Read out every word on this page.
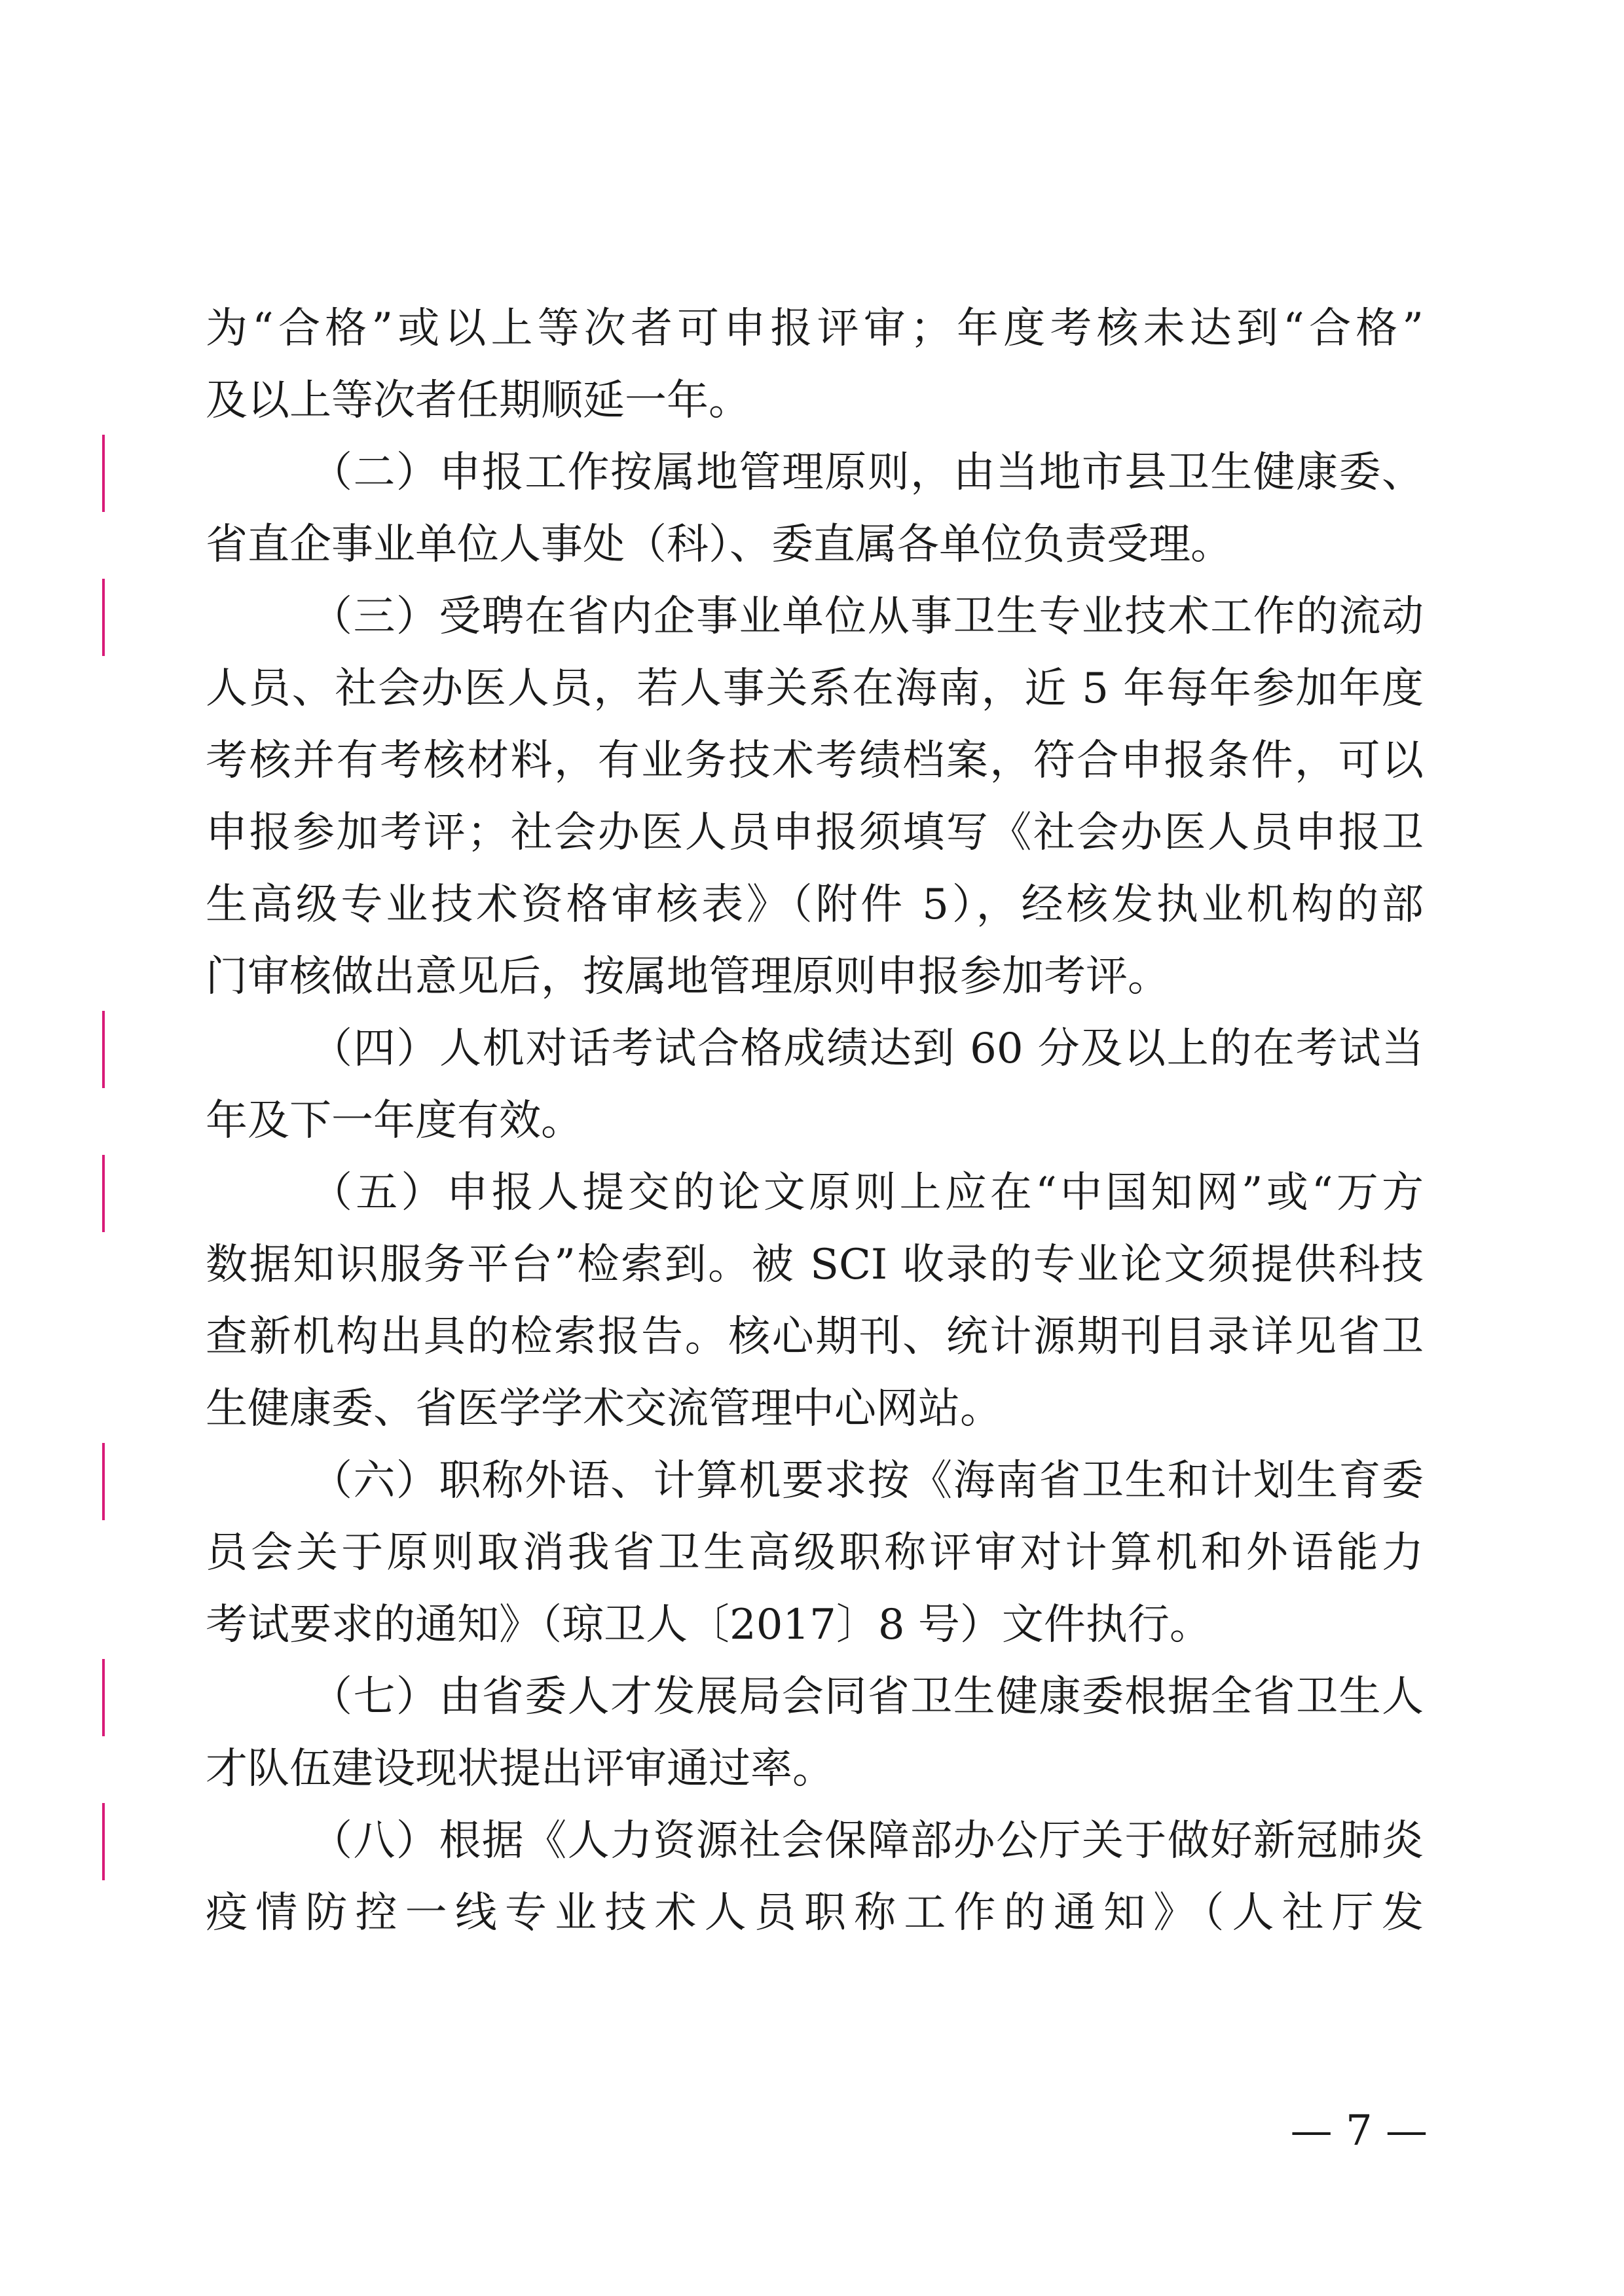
为“合格”或以上等次者可申报评审；年度考核未达到“合格”
及以上等次者任期顺延一年。
（二）申报工作按属地管理原则，由当地市县卫生健康委、
省直企事业单位人事处（科）、委直属各单位负责受理。
（三）受聘在省内企事业单位从事卫生专业技术工作的流动
人员、社会办医人员，若人事关系在海南，近 5 年每年参加年度
考核并有考核材料，有业务技术考绩档案，符合申报条件，可以
申报参加考评；社会办医人员申报须填写《社会办医人员申报卫
生高级专业技术资格审核表》（附件 5），经核发执业机构的部
门审核做出意见后，按属地管理原则申报参加考评。
（四）人机对话考试合格成绩达到 60 分及以上的在考试当
年及下一年度有效。
（五）申报人提交的论文原则上应在“中国知网”或“万方
数据知识服务平台”检索到。被 SCI 收录的专业论文须提供科技
查新机构出具的检索报告。核心期刊、统计源期刊目录详见省卫
生健康委、省医学学术交流管理中心网站。
（六）职称外语、计算机要求按《海南省卫生和计划生育委
员会关于原则取消我省卫生高级职称评审对计算机和外语能力
考试要求的通知》（琼卫人〔2017〕8 号）文件执行。
（七）由省委人才发展局会同省卫生健康委根据全省卫生人
才队伍建设现状提出评审通过率。
（八）根据《人力资源社会保障部办公厅关于做好新冠肺炎
疫情防控一线专业技术人员职称工作的通知》（人社厅发
— 7 —
